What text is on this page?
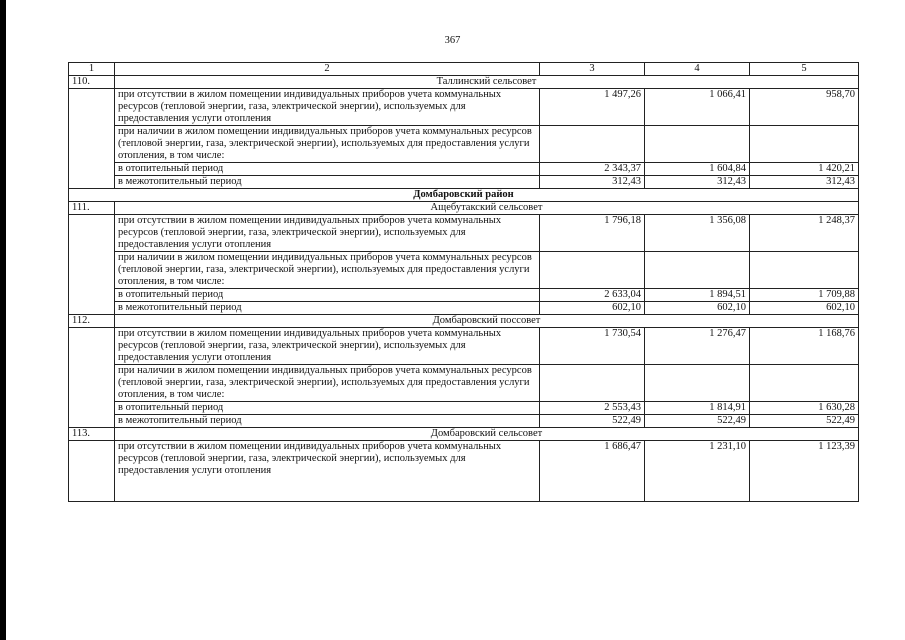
367
1	2	3	4	5
110.	Таллинский сельсовет			
	при отсутствии в жилом помещении индивидуальных приборов учета коммунальных ресурсов (тепловой энергии, газа, электрической энергии), используемых для предоставления услуги отопления	1 497,26	1 066,41	958,70
	при наличии в жилом помещении индивидуальных приборов учета коммунальных ресурсов (тепловой энергии, газа, электрической энергии), используемых для предоставления услуги отопления, в том числе:			
	в отопительный период	2 343,37	1 604,84	1 420,21
	в межотопительный период	312,43	312,43	312,43
Домбаровский район				
111.	Ащебутакский сельсовет			
	при отсутствии в жилом помещении индивидуальных приборов учета коммунальных ресурсов (тепловой энергии, газа, электрической энергии), используемых для предоставления услуги отопления	1 796,18	1 356,08	1 248,37
	при наличии в жилом помещении индивидуальных приборов учета коммунальных ресурсов (тепловой энергии, газа, электрической энергии), используемых для предоставления услуги отопления, в том числе:			
	в отопительный период	2 633,04	1 894,51	1 709,88
	в межотопительный период	602,10	602,10	602,10
112.	Домбаровский поссовет			
	при отсутствии в жилом помещении индивидуальных приборов учета коммунальных ресурсов (тепловой энергии, газа, электрической энергии), используемых для предоставления услуги отопления	1 730,54	1 276,47	1 168,76
	при наличии в жилом помещении индивидуальных приборов учета коммунальных ресурсов (тепловой энергии, газа, электрической энергии), используемых для предоставления услуги отопления, в том числе:			
	в отопительный период	2 553,43	1 814,91	1 630,28
	в межотопительный период	522,49	522,49	522,49
113.	Домбаровский сельсовет			
	при отсутствии в жилом помещении индивидуальных приборов учета коммунальных ресурсов (тепловой энергии, газа, электрической энергии), используемых для предоставления услуги отопления	1 686,47	1 231,10	1 123,39
